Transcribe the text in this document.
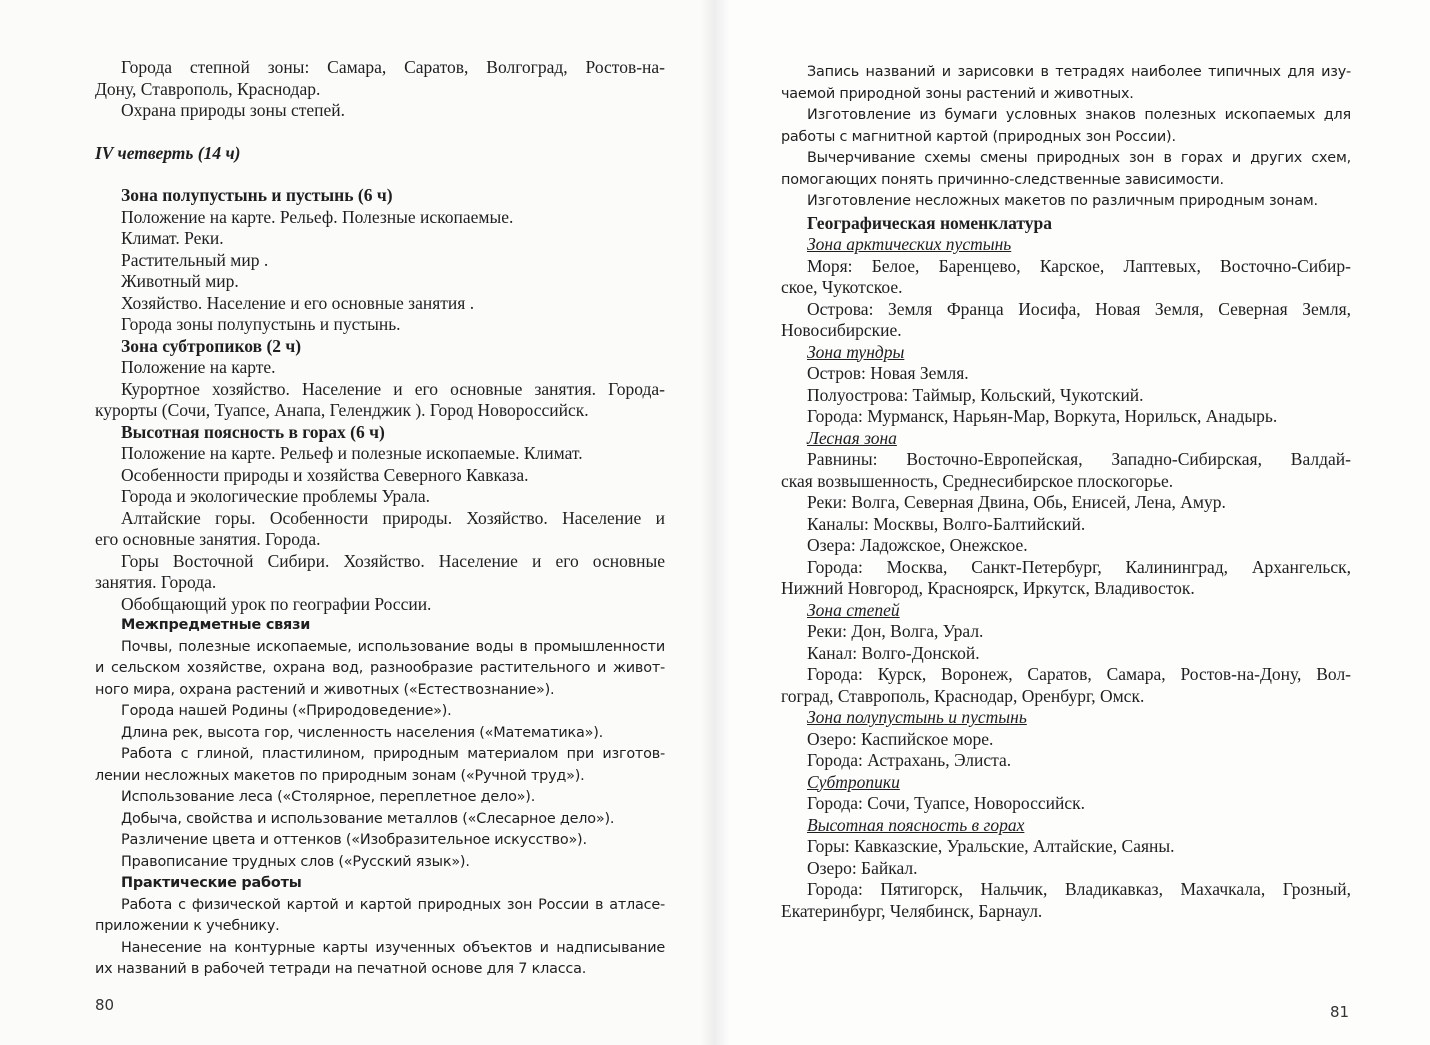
Города степной зоны: Самара, Саратов, Волгоград, Ростов-на-
Дону, Ставрополь, Краснодар.
Охрана природы зоны степей.
IV четверть (14 ч)
Зона полупустынь и пустынь (6 ч)
Положение на карте. Рельеф. Полезные ископаемые.
Климат. Реки.
Растительный мир .
Животный мир.
Хозяйство. Население и его основные занятия .
Города зоны полупустынь и пустынь.
Зона субтропиков (2 ч)
Положение на карте.
Курортное хозяйство. Население и его основные занятия. Города-
курорты (Сочи, Туапсе, Анапа, Геленджик ). Город Новороссийск.
Высотная поясность в горах (6 ч)
Положение на карте. Рельеф и полезные ископаемые. Климат.
Особенности природы и хозяйства Северного Кавказа.
Города и экологические проблемы Урала.
Алтайские горы. Особенности природы. Хозяйство. Население и
его основные занятия. Города.
Горы Восточной Сибири. Хозяйство. Население и его основные
занятия. Города.
Обобщающий урок по географии России.
Межпредметные связи
Почвы, полезные ископаемые, использование воды в промышленности
и сельском хозяйстве, охрана вод, разнообразие растительного и живот-
ного мира, охрана растений и животных («Естествознание»).
Города нашей Родины («Природоведение»).
Длина рек, высота гор, численность населения («Математика»).
Работа с глиной, пластилином, природным материалом при изготов-
лении несложных макетов по природным зонам («Ручной труд»).
Использование леса («Столярное, переплетное дело»).
Добыча, свойства и использование металлов («Слесарное дело»).
Различение цвета и оттенков («Изобразительное искусство»).
Правописание трудных слов («Русский язык»).
Практические работы
Работа с физической картой и картой природных зон России в атласе-
приложении к учебнику.
Нанесение на контурные карты изученных объектов и надписывание
их названий в рабочей тетради на печатной основе для 7 класса.
Запись названий и зарисовки в тетрадях наиболее типичных для изу-
чаемой природной зоны растений и животных.
Изготовление из бумаги условных знаков полезных ископаемых для
работы с магнитной картой (природных зон России).
Вычерчивание схемы смены природных зон в горах и других схем,
помогающих понять причинно-следственные зависимости.
Изготовление несложных макетов по различным природным зонам.
Географическая номенклатура
Зона арктических пустынь
Моря: Белое, Баренцево, Карское, Лаптевых, Восточно-Сибир-
ское, Чукотское.
Острова: Земля Франца Иосифа, Новая Земля, Северная Земля,
Новосибирские.
Зона тундры
Остров: Новая Земля.
Полуострова: Таймыр, Кольский, Чукотский.
Города: Мурманск, Нарьян-Мар, Воркута, Норильск, Анадырь.
Лесная зона
Равнины: Восточно-Европейская, Западно-Сибирская, Валдай-
ская возвышенность, Среднесибирское плоскогорье.
Реки: Волга, Северная Двина, Обь, Енисей, Лена, Амур.
Каналы: Москвы, Волго-Балтийский.
Озера: Ладожское, Онежское.
Города: Москва, Санкт-Петербург, Калининград, Архангельск,
Нижний Новгород, Красноярск, Иркутск, Владивосток.
Зона степей
Реки: Дон, Волга, Урал.
Канал: Волго-Донской.
Города: Курск, Воронеж, Саратов, Самара, Ростов-на-Дону, Вол-
гоград, Ставрополь, Краснодар, Оренбург, Омск.
Зона полупустынь и пустынь
Озеро: Каспийское море.
Города: Астрахань, Элиста.
Субтропики
Города: Сочи, Туапсе, Новороссийск.
Высотная поясность в горах
Горы: Кавказские, Уральские, Алтайские, Саяны.
Озеро: Байкал.
Города: Пятигорск, Нальчик, Владикавказ, Махачкала, Грозный,
Екатеринбург, Челябинск, Барнаул.
80	81
